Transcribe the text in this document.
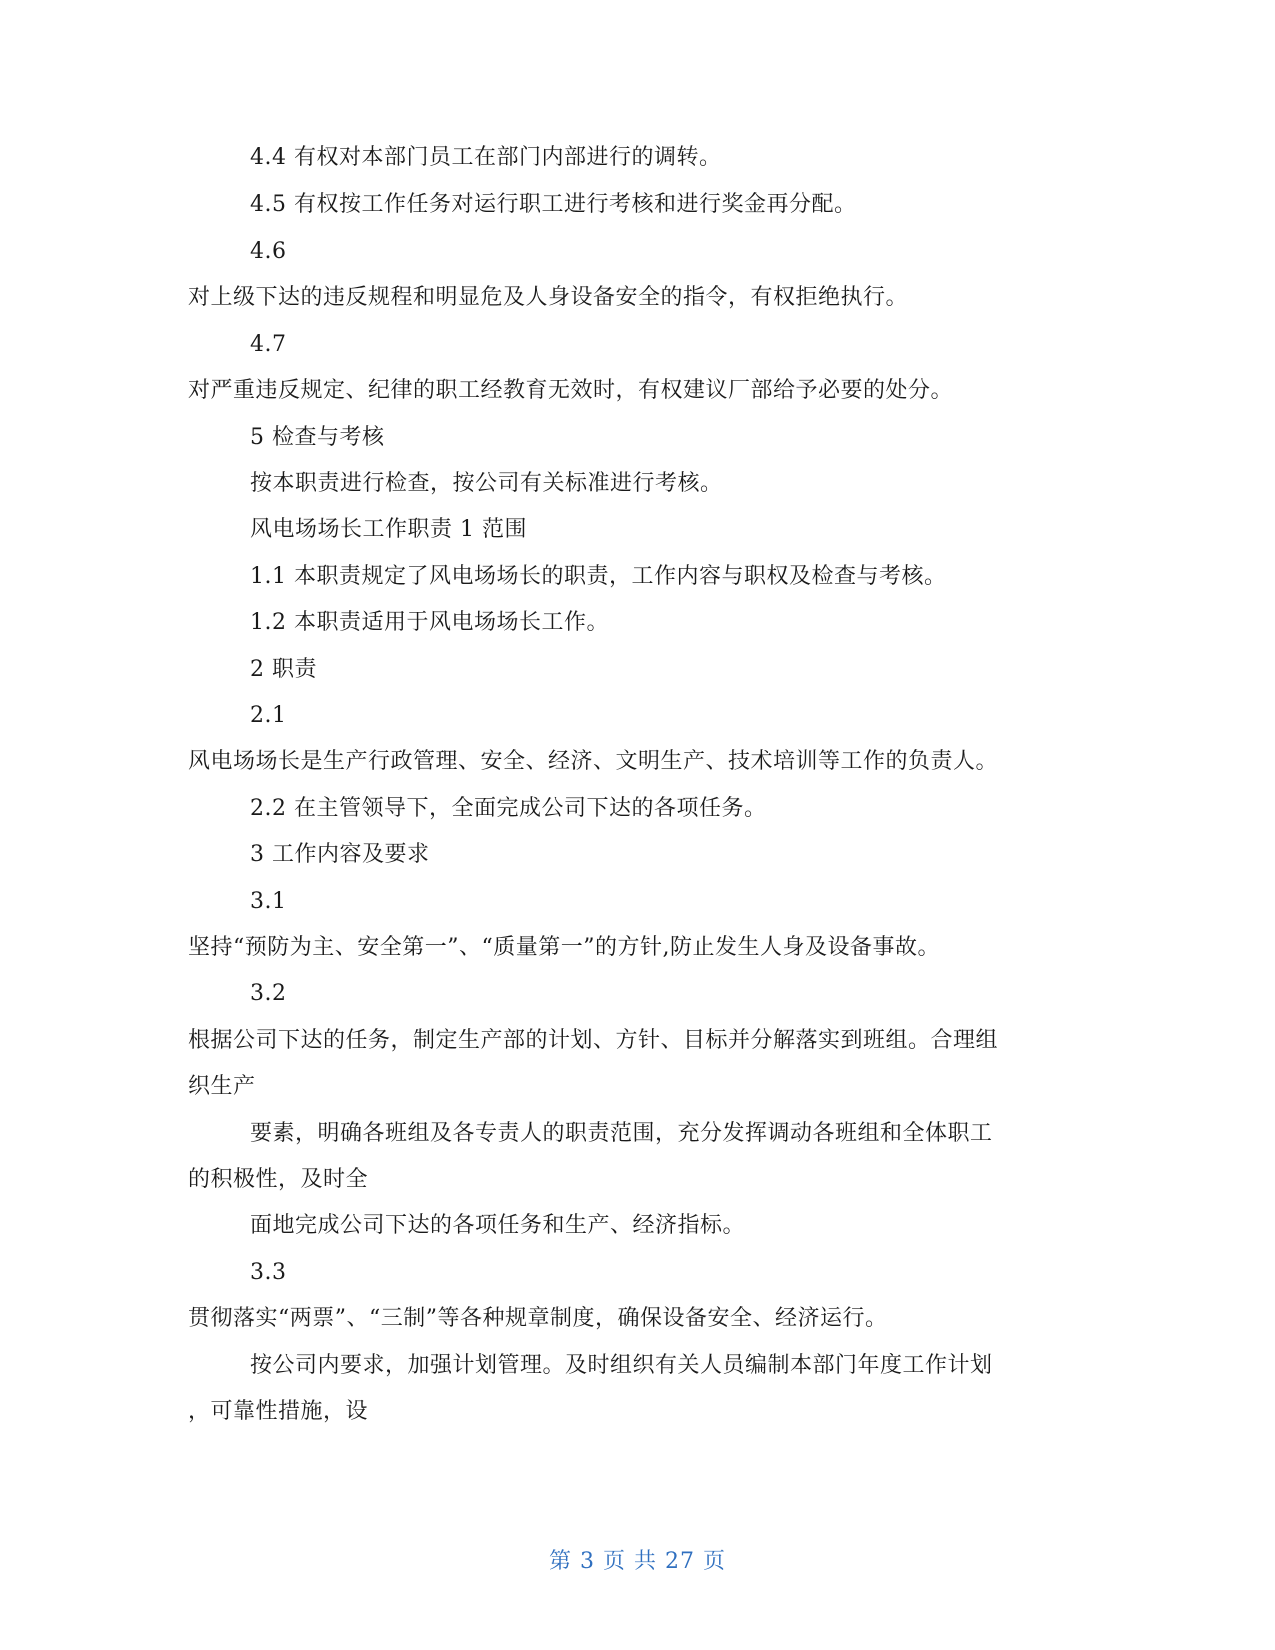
4.4 有权对本部门员工在部门内部进行的调转。
4.5 有权按工作任务对运行职工进行考核和进行奖金再分配。
4.6
对上级下达的违反规程和明显危及人身设备安全的指令，有权拒绝执行。
4.7
对严重违反规定、纪律的职工经教育无效时，有权建议厂部给予必要的处分。
5 检查与考核
按本职责进行检查，按公司有关标准进行考核。
风电场场长工作职责 1 范围
1.1 本职责规定了风电场场长的职责，工作内容与职权及检查与考核。
1.2 本职责适用于风电场场长工作。
2 职责
2.1
风电场场长是生产行政管理、安全、经济、文明生产、技术培训等工作的负责人。
2.2 在主管领导下，全面完成公司下达的各项任务。
3 工作内容及要求
3.1
坚持“预防为主、安全第一”、“质量第一”的方针,防止发生人身及设备事故。
3.2
根据公司下达的任务，制定生产部的计划、方针、目标并分解落实到班组。合理组
织生产
要素，明确各班组及各专责人的职责范围，充分发挥调动各班组和全体职工
的积极性，及时全
面地完成公司下达的各项任务和生产、经济指标。
3.3
贯彻落实“两票”、“三制”等各种规章制度，确保设备安全、经济运行。
按公司内要求，加强计划管理。及时组织有关人员编制本部门年度工作计划
，可靠性措施，设
第 3 页 共 27 页
